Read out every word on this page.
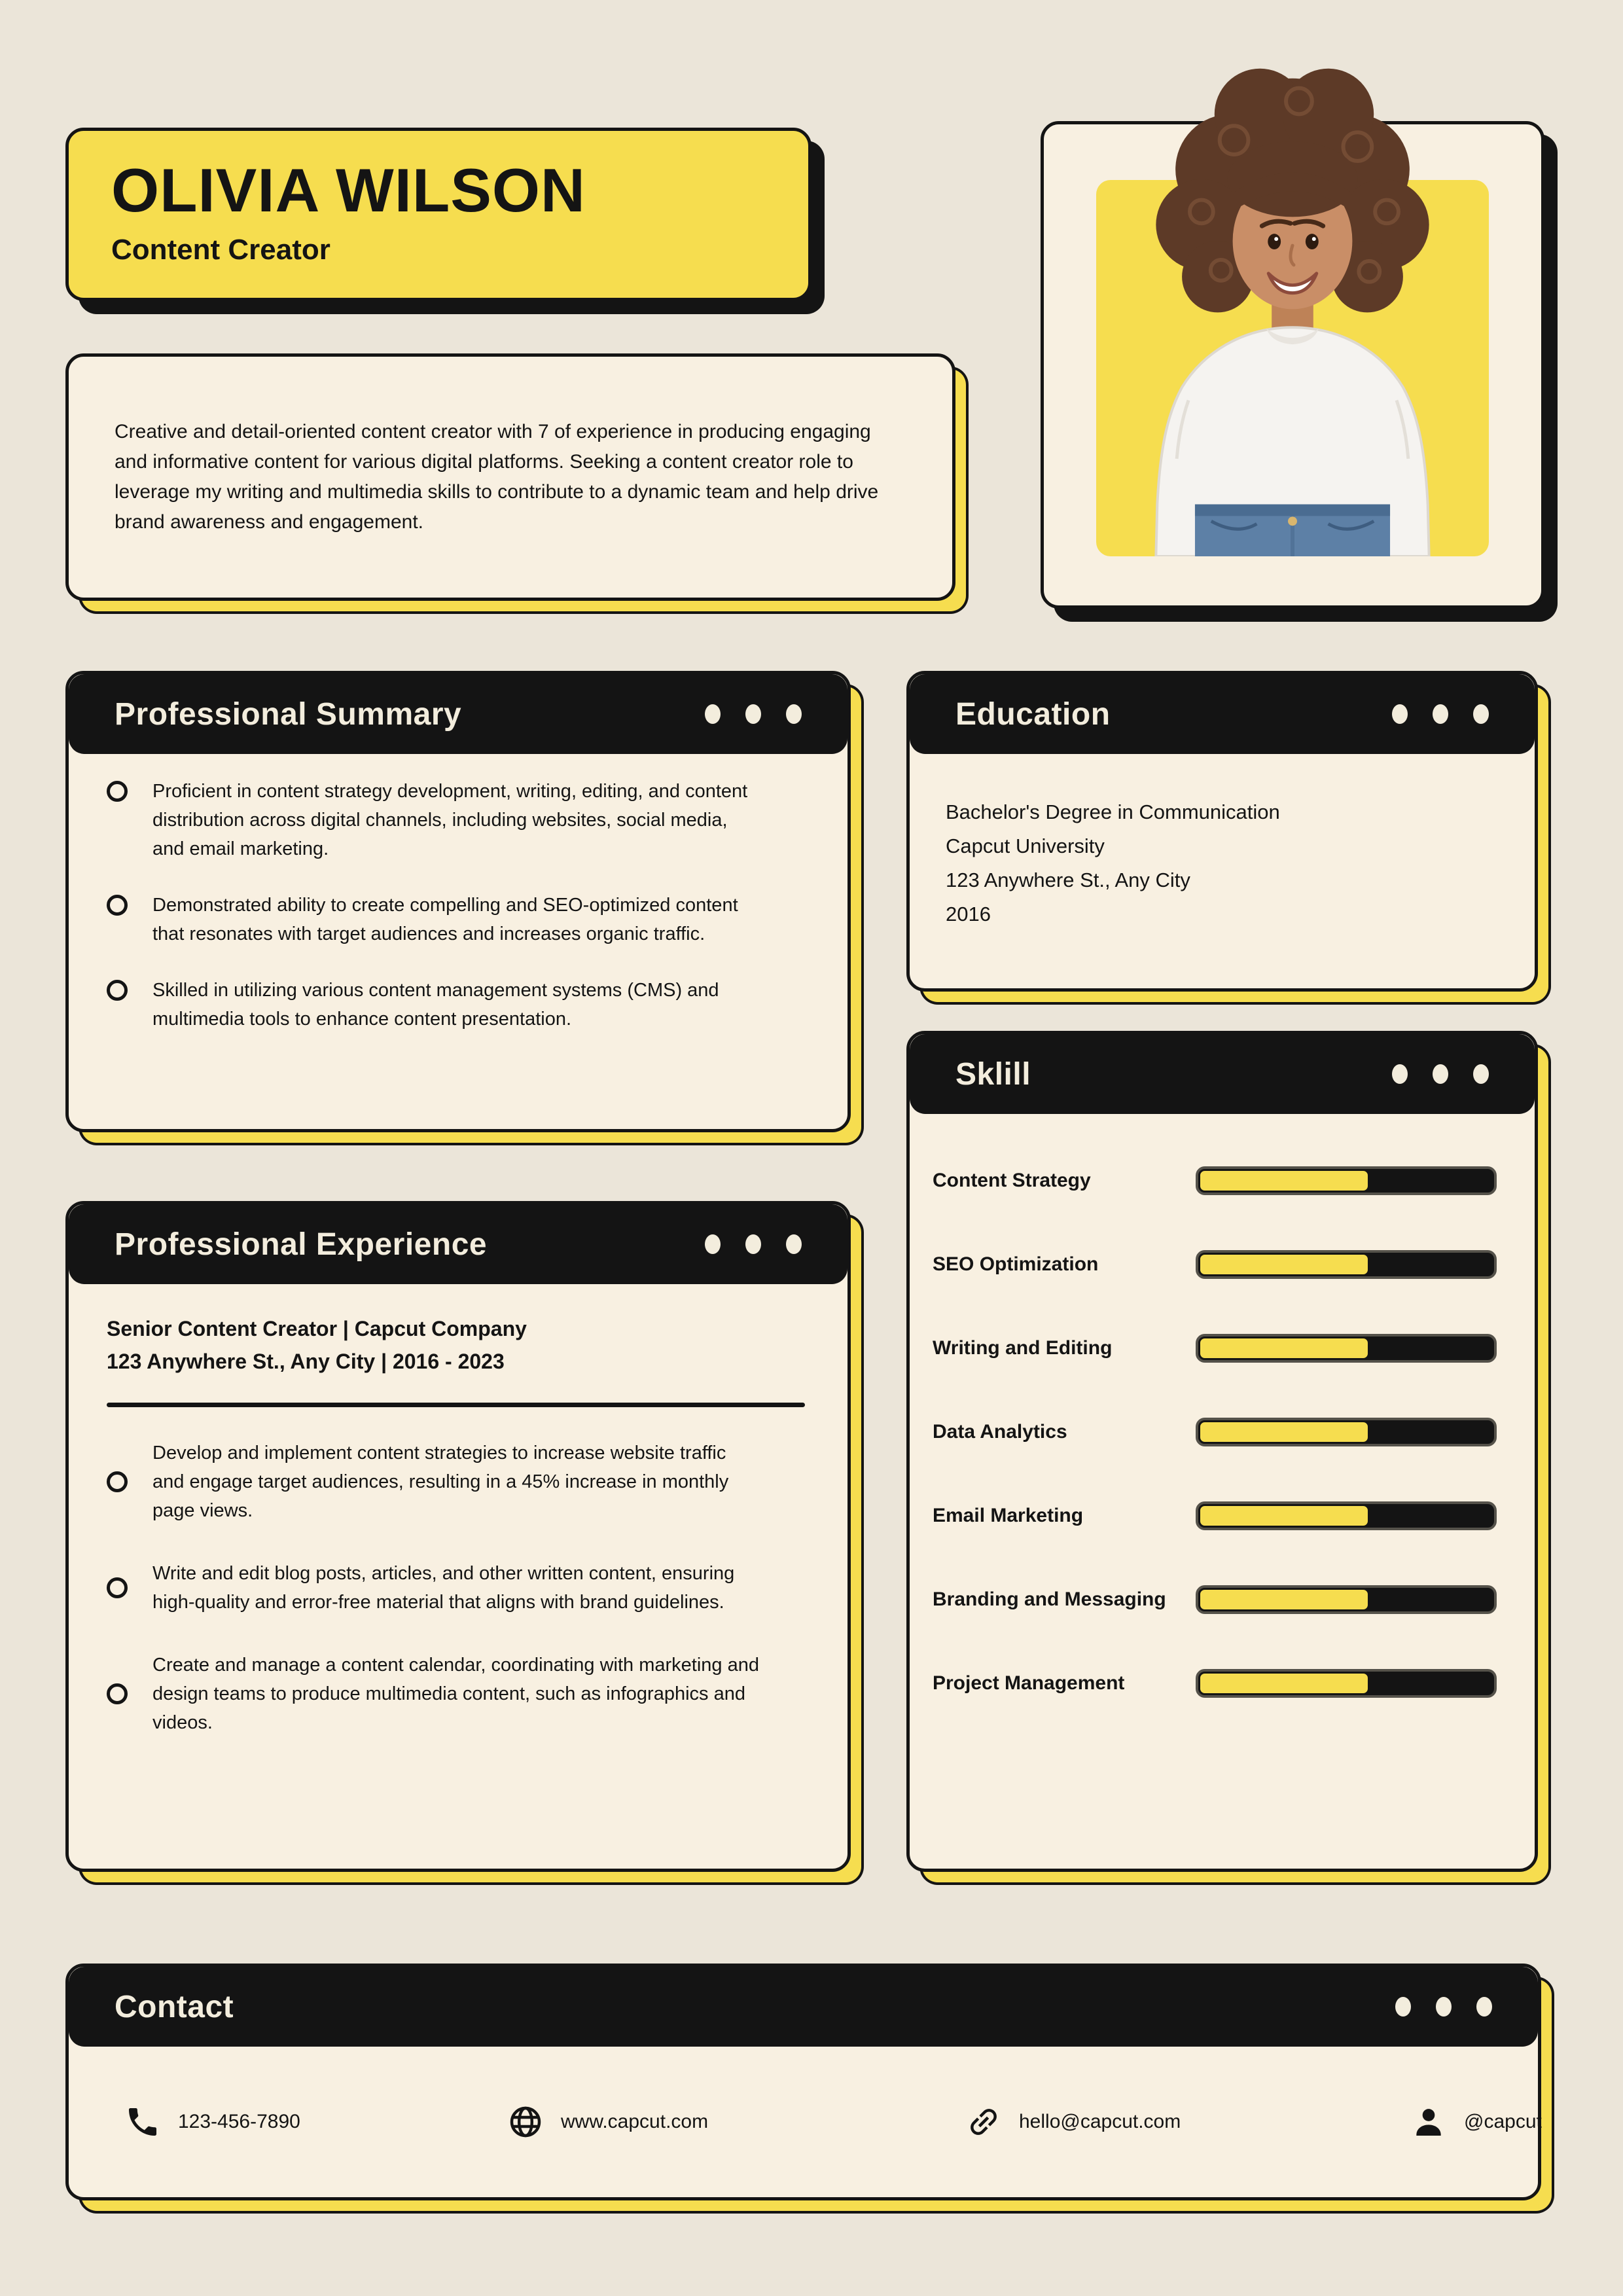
OLIVIA WILSON
Content Creator

Creative and detail-oriented content creator with 7 of experience in producing engaging and informative content for various digital platforms. Seeking a content creator role to leverage my writing and multimedia skills to contribute to a dynamic team and help drive brand awareness and engagement.

Professional Summary
Proficient in content strategy development, writing, editing, and content distribution across digital channels, including websites, social media, and email marketing.
Demonstrated ability to create compelling and SEO-optimized content that resonates with target audiences and increases organic traffic.
Skilled in utilizing various content management systems (CMS) and multimedia tools to enhance content presentation.
Education
Bachelor's Degree in Communication
Capcut University
123 Anywhere St., Any City
2016
Sklill
Content Strategy
SEO Optimization
Writing and Editing
Data Analytics
Email Marketing
Branding and Messaging
Project Management
Professional Experience
Senior Content Creator | Capcut Company
123 Anywhere St., Any City | 2016 - 2023
Develop and implement content strategies to increase website traffic and engage target audiences, resulting in a 45% increase in monthly page views.
Write and edit blog posts, articles, and other written content, ensuring high-quality and error-free material that aligns with brand guidelines.
Create and manage a content calendar, coordinating with marketing and design teams to produce multimedia content, such as infographics and videos.
Contact
123-456-7890	www.capcut.com	hello@capcut.com	@capcut
